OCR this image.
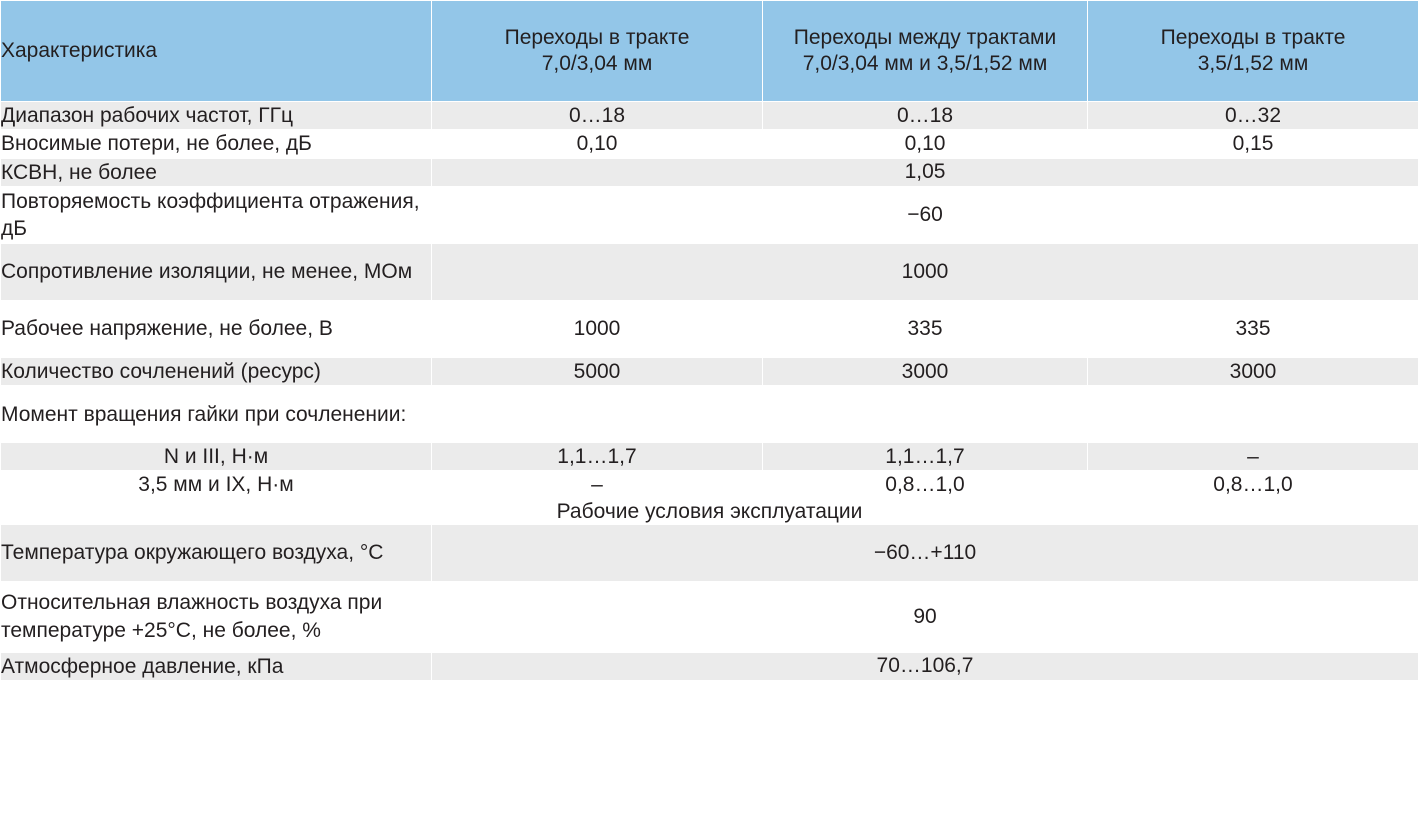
Характеристика	
Переходы в тракте
7,0/3,04 мм

Переходы между трактами
7,0/3,04 мм и 3,5/1,52 мм

Переходы в тракте
3,5/1,52 мм

Диапазон рабочих частот, ГГц	0…18	0…18	0…32
Вносимые потери, не более, дБ	0,10	0,10	0,15
КСВН, не более	1,05		
Повторяемость коэффициента отражения, дБ	−60		
Сопротивление изоляции, не менее, МОм	1000		
Рабочее напряжение, не более, В	1000	335	335
Количество сочленений (ресурс)	5000	3000	3000
Момент вращения гайки при сочленении:			
N и III, Н·м	1,1…1,7	1,1…1,7	–
3,5 мм и IX, Н·м	–	0,8…1,0	0,8…1,0
Рабочие условия эксплуатации			
Температура окружающего воздуха, °С	−60…+110		
Относительная влажность воздуха при температуре +25°С, не более, %	90		
Атмосферное давление, кПа	70…106,7		
